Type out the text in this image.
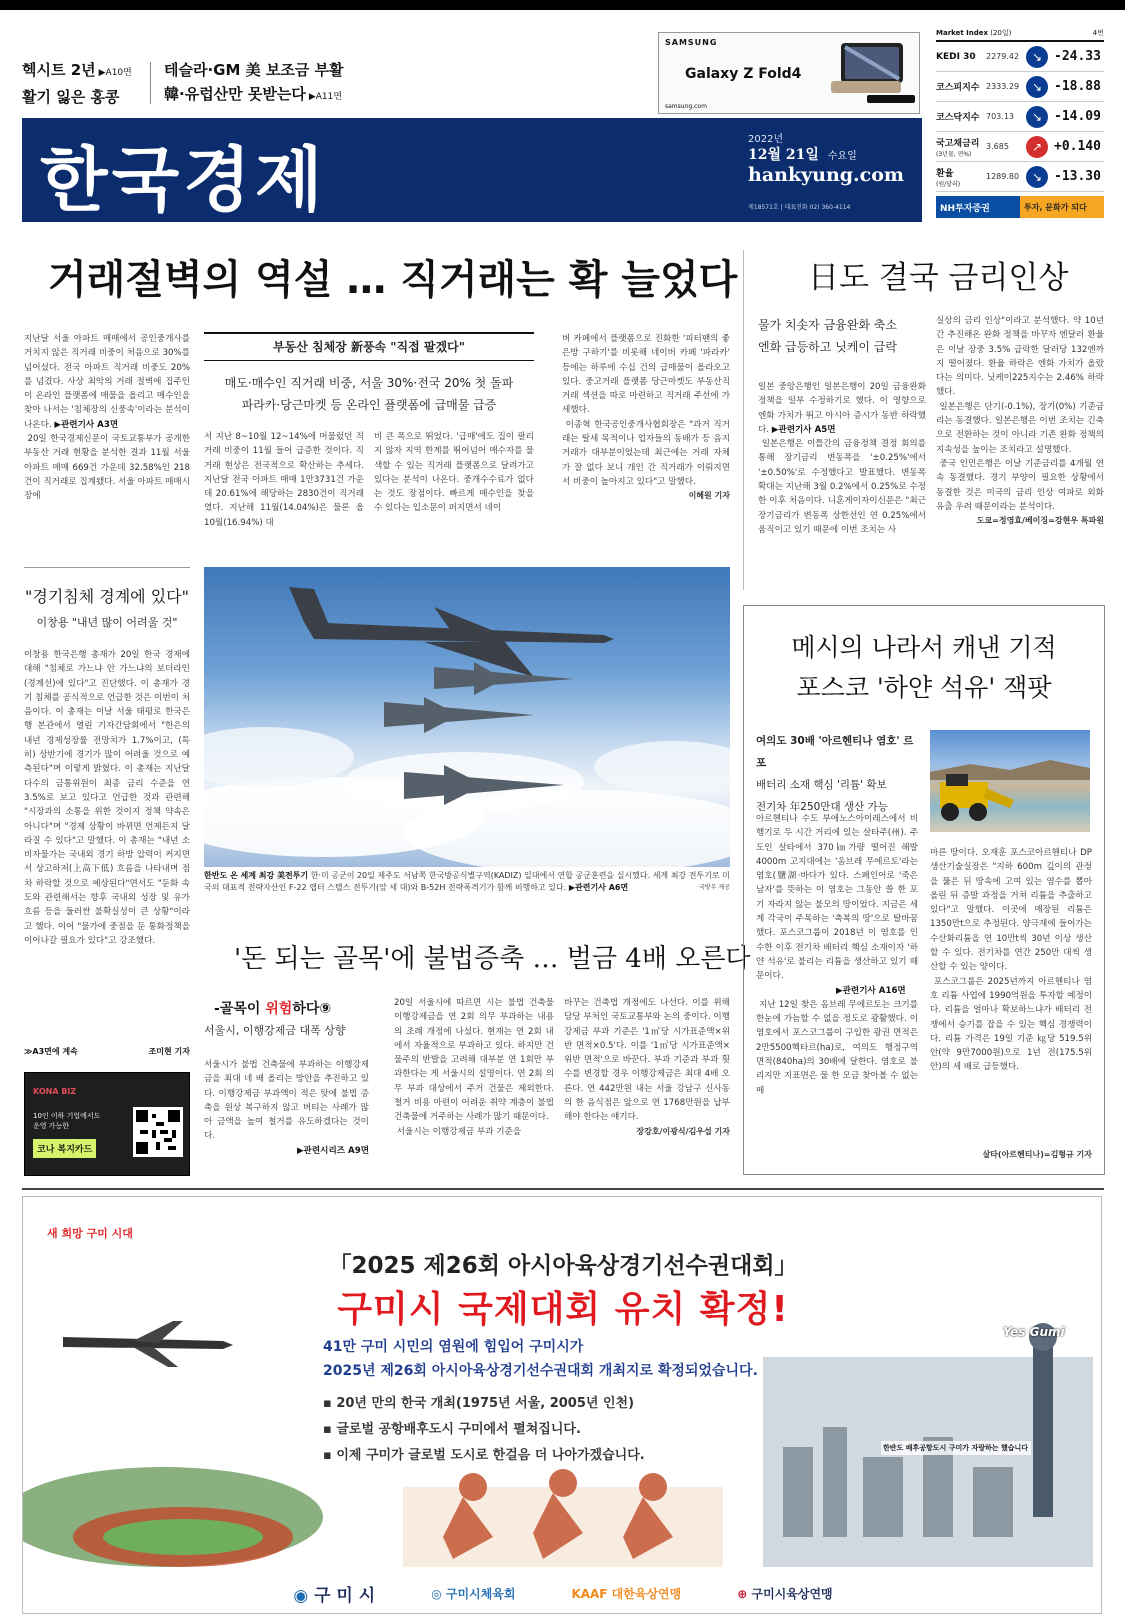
헥시트 2년 ▶A10면
활기 잃은 홍콩
테슬라·GM 美 보조금 부활
韓·유럽산만 못받는다 ▶A11면
SAMSUNG
Galaxy Z Fold4
samsung.com
한국경제	2022년
12월 21일 수요일
hankyung.com
제18571호 | 대표전화 02) 360-4114
Market Index (20일)	4번
KEDI 30	2279.42	↘ -24.33
코스피지수 2333.29	↘ -18.88
코스닥지수 703.13	↘ -14.09
국고채금리
(3년물, 연%)
3.685	↗ +0.140
환율
(원/달러)
1289.80	↘ -13.30
NH투자증권	투자, 문화가 되다
거래절벽의 역설 … 직거래는 확 늘었다
지난달 서울 아파트 매매에서 공인중개사를 거치지 않은 직거래 비중이 처음으로 30%를 넘어섰다. 전국 아파트 직거래 비중도 20%를 넘겼다. 사상 최악의 거래 절벽에 집주인이 온라인 플랫폼에 매물을 올리고 매수인을 찾아 나서는 '침체장의 신풍속'이라는 분석이 나온다. ▶관련기사 A3면
20일 한국경제신문이 국토교통부가 공개한 부동산 거래 현황을 분석한 결과 11월 서울 아파트 매매 669건 가운데 32.58%인 218건이 직거래로 집계됐다. 서울 아파트 매매시장에
부동산 침체장 新풍속 "직접 팔겠다"
매도·매수인 직거래 비중, 서울 30%·전국 20% 첫 돌파
파라카·당근마켓 등 온라인 플랫폼에 급매물 급증
서 지난 8~10월 12~14%에 머물렀던 직거래 비중이 11월 들어 급증한 것이다. 직거래 현상은 전국적으로 확산하는 추세다. 지난달 전국 아파트 매매 1만3731건 가운데 20.61%에 해당하는 2830건이 직거래였다. 지난해 11월(14.04%)은 물론 올 10월(16.94%) 대
비 큰 폭으로 뛰었다. '급매'에도 집이 팔리지 않자 지역 한계를 뛰어넘어 매수자를 물색할 수 있는 직거래 플랫폼으로 달려가고 있다는 분석이 나온다. 중개수수료가 없다는 것도 장점이다. 빠르게 매수인을 찾을 수 있다는 입소문이 퍼지면서 네이
버 카페에서 플랫폼으로 진화한 '피터팬의 좋은방 구하기'를 비롯해 네이버 카페 '파라카' 등에는 하루에 수십 건의 급매물이 올라오고 있다. 중고거래 플랫폼 당근마켓도 부동산직거래 섹션을 따로 마련하고 직거래 주선에 가세했다.
이종혁 한국공인중개사협회장은 "과거 직거래는 탈세 목적이나 업자들의 동배가 등 음지 거래가 대부분이었는데 최근에는 거래 자체가 잘 없다 보니 개인 간 직거래가 이뤄지면서 비중이 높아지고 있다"고 말했다.
이혜원 기자
日도 결국 금리인상
물가 치솟자 금융완화 축소
엔화 급등하고 닛케이 급락
일본 중앙은행인 일본은행이 20일 금융완화 정책을 일부 수정하기로 했다. 이 영향으로 엔화 가치가 뛰고 아시아 증시가 동반 하락했다. ▶관련기사 A5면
일본은행은 이틀간의 금융정책 결정 회의를 통해 장기금리 변동폭을 '±0.25%'에서 '±0.50%'로 수정했다고 발표했다. 변동폭 확대는 지난해 3월 0.2%에서 0.25%로 수정한 이후 처음이다. 니혼게이자이신문은 "최근 장기금리가 변동폭 상한선인 연 0.25%에서 움직이고 있기 때문에 이번 조치는 사
실상의 금리 인상"이라고 분석했다. 약 10년간 추진해온 완화 정책을 바꾸자 엔달러 환율은 이날 장중 3.5% 급락한 달러당 132엔까지 떨어졌다. 환율 하락은 엔화 가치가 올랐다는 의미다. 닛케이225지수는 2.46% 하락했다.
일본은행은 단기(-0.1%), 장기(0%) 기준금리는 동결했다. 일본은행은 이번 조치는 긴축으로 전환하는 것이 아니라 기존 완화 정책의 지속성을 높이는 조치라고 설명했다.
중국 인민은행은 이날 기준금리를 4개월 연속 동결했다. 경기 부양이 필요한 상황에서 동결한 것은 미국의 금리 인상 여파로 외화 유출 우려 때문이라는 분석이다.
도쿄=정영효/베이징=강현우 특파원
"경기침체 경계에 있다"
이창용 "내년 많이 어려울 것"
이창용 한국은행 총재가 20일 한국 경제에 대해 "침체로 가느냐 안 가느냐의 보더라인(경계선)에 있다"고 진단했다. 이 총재가 경기 침체를 공식적으로 언급한 것은 이번이 처음이다. 이 총재는 이날 서울 태평로 한국은행 본관에서 열린 기자간담회에서 "한은의 내년 경제성장률 전망치가 1.7%이고, (특히) 상반기에 경기가 많이 어려울 것으로 예측된다"며 이렇게 밝혔다. 이 총재는 지난달 다수의 금통위원이 최종 금리 수준을 연 3.5%로 보고 있다고 언급한 것과 관련해 "시장과의 소통을 위한 것이지 정책 약속은 아니다"며 "경제 상황이 바뀌면 언제든지 달라질 수 있다"고 말했다. 이 총재는 "내년 소비자물가는 국내외 경기 하방 압력이 커지면서 상고하저(上高下低) 흐름을 나타내며 점차 하락할 것으로 예상된다"면서도 "둔화 속도와 관련해서는 향후 국내외 성장 및 유가 흐름 등을 둘러싼 불확실성이 큰 상황"이라고 했다. 이어 "물가에 중점을 둔 통화정책을 이어나갈 필요가 있다"고 강조했다.
≫A3면에 계속	조미현 기자
한반도 온 세계 최강 美전투기 한·미 공군이 20일 제주도 서남쪽 한국방공식별구역(KADIZ) 일대에서 연합 공군훈련을 실시했다. 세계 최강 전투기로 미국의 대표적 전략자산인 F-22 랩터 스텔스 전투기(앞 세 대)와 B-52H 전략폭격기가 함께 비행하고 있다. ▶관련기사 A6면	국방부 제공
'돈 되는 골목'에 불법증축 … 벌금 4배 오른다
-골목이 위험하다⑨
서울시, 이행강제금 대폭 상향
서울시가 불법 건축물에 부과하는 이행강제금을 최대 네 배 올리는 방안을 추진하고 있다. 이행강제금 부과액이 적은 탓에 불법 증축을 원상 복구하지 않고 버티는 사례가 많아 금액을 높여 철거를 유도하겠다는 것이다.

▶관련시리즈 A9면
20일 서울시에 따르면 시는 불법 건축물 이행강제금을 연 2회 의무 부과하는 내용의 조례 개정에 나섰다. 현재는 연 2회 내에서 자율적으로 부과하고 있다. 하지만 건물주의 반발을 고려해 대부분 연 1회만 부과한다는 게 서울시의 설명이다. 연 2회 의무 부과 대상에서 주거 건물은 제외한다. 철거 비용 마련이 어려운 취약 계층이 불법 건축물에 거주하는 사례가 많기 때문이다.
서울시는 이행강제금 부과 기준을
바꾸는 건축법 개정에도 나선다. 이를 위해 담당 부처인 국토교통부와 논의 중이다. 이행강제금 부과 기준은 '1㎡당 시가표준액×위반 면적×0.5'다. 이를 '1㎡당 시가표준액×위반 면적'으로 바꾼다. 부과 기준과 부과 횟수를 변경할 경우 이행강제금은 최대 4배 오른다. 연 442만원 내는 서울 강남구 신사동의 한 음식점은 앞으로 연 1768만원을 납부해야 한다는 얘기다.
장강호/이광식/김우섭 기자
KONA BIZ
10인 이하 기업에서도
운영 가능한
코나 복지카드
메시의 나라서 캐낸 기적
포스코 '하얀 석유' 잭팟
여의도 30배 '아르헨티나 염호' 르포
배터리 소재 핵심 '리튬' 확보
전기차 年250만대 생산 가능
아르헨티나 수도 부에노스아이레스에서 비행기로 두 시간 거리에 있는 살타주(州). 주도인 살타에서 370㎞가량 떨어진 해발 4000m 고지대에는 '옴브레 무에르토'라는 염호(鹽湖·바다가 있다. 스페인어로 '죽은 남자'를 뜻하는 이 염호는 그동안 쓸 한 포기 자라지 않는 불모의 땅이었다. 지금은 세계 각국이 주목하는 '축복의 땅'으로 탈바꿈했다. 포스코그룹이 2018년 이 염호를 인수한 이후 전기차 배터리 핵심 소재이자 '하얀 석유'로 불리는 리튬을 생산하고 있기 때문이다.
▶관련기사 A16면
지난 12일 찾은 옴브레 무에르토는 크기를 한눈에 가늠할 수 없을 정도로 광활했다. 이 염호에서 포스코그룹이 구입한 광권 면적은 2만5500헥타르(ha)로, 여의도 행정구역 면적(840ha)의 30배에 달한다. 염호로 불리지만 지표면은 물 한 모금 찾아볼 수 없는 메
마른 땅이다. 오재훈 포스코아르헨티나 DP생산기술실장은 "지하 600m 깊이의 관정을 뚫은 뒤 땅속에 고여 있는 염수를 뽑아 올린 뒤 증발 과정을 거쳐 리튬을 추출하고 있다"고 말했다. 이곳에 매장된 리튬은 1350만t으로 추정된다. 양극재에 들어가는 수산화리튬을 연 10만t씩 30년 이상 생산할 수 있다. 전기차를 연간 250만 대씩 생산할 수 있는 양이다.
포스코그룹은 2025년까지 아르헨티나 염호 리튬 사업에 1990억원을 투자할 예정이다. 리튬을 얼마나 확보하느냐가 배터리 전쟁에서 승기를 잡을 수 있는 핵심 경쟁력이다. 리튬 가격은 19일 기준 ㎏당 519.5위안(약 9만7000원)으로 1년 전(175.5위안)의 세 배로 급등했다.
살타(아르헨티나)=김형규 기자
새 희망 구미 시대
「2025 제26회 아시아육상경기선수권대회」
구미시 국제대회 유치 확정!
41만 구미 시민의 염원에 힘입어 구미시가
2025년 제26회 아시아육상경기선수권대회 개최지로 확정되었습니다.
▪ 20년 만의 한국 개최(1975년 서울, 2005년 인천)
▪ 글로벌 공항배후도시 구미에서 펼쳐집니다.
▪ 이제 구미가 글로벌 도시로 한걸음 더 나아가겠습니다.
Yes Gumi
한반도 배후공항도시 구미가 자랑하는 했습니다
◉ 구 미 시	◎ 구미시체육회	KAAF 대한육상연맹	⊕ 구미시육상연맹
